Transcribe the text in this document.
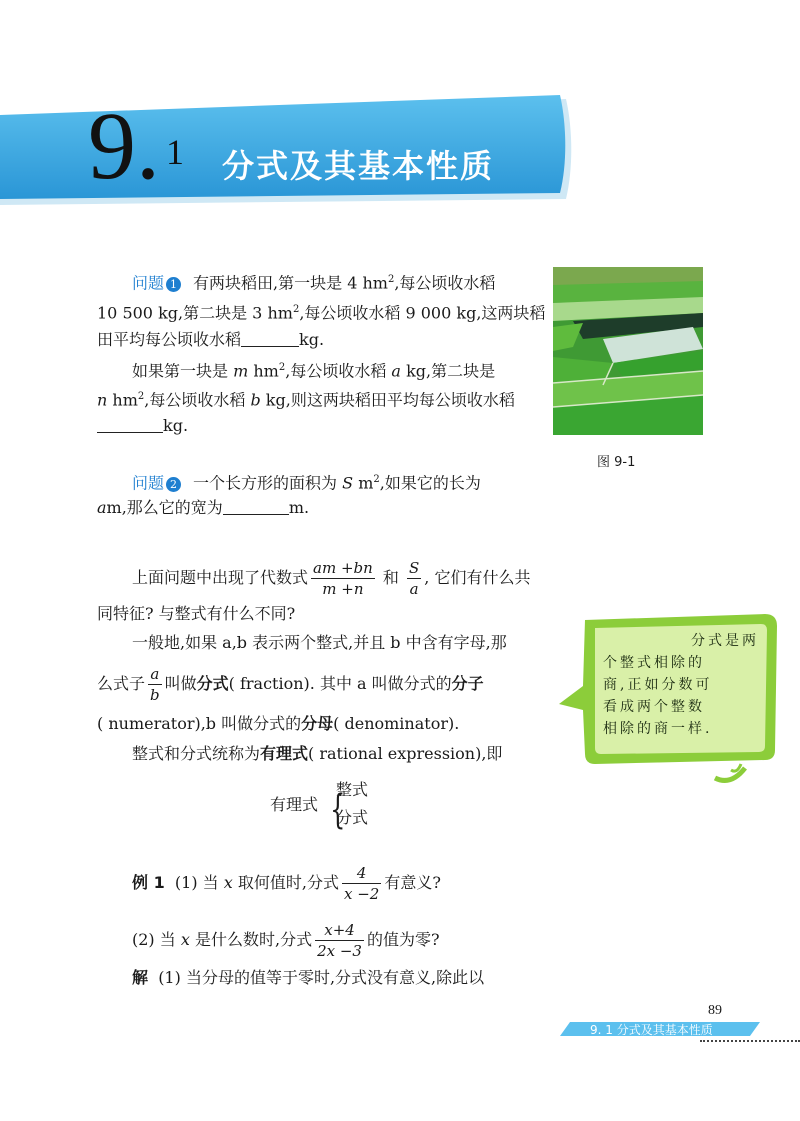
9. 1 分式及其基本性质
问题 1 有两块稻田,第一块是 4 $hm^2$,每公顷收水稻
10 500 kg,第二块是 3 $hm^2$,每公顷收水稻 9 000 kg,这两块稻
田平均每公顷收水稻	kg.
如果第一块是 m $hm^2$,每公顷收水稻 a kg,第二块是
n $hm^2$,每公顷收水稻 b kg,则这两块稻田平均每公顷收水稻
kg.
图 9-1
问题 2 一个长方形的面积为 S $m^2$,如果它的长为
am,那么它的宽为	m.
上面问题中出现了代数式 $\frac{am +bn}{m +n}$ 和 $\frac{S}{a}$ , 它们有什么共
同特征? 与整式有什么不同?
一般地,如果 a,b 表示两个整式,并且 b 中含有字母,那
么式子 $\frac{a}{b}$ 叫做分式( fraction). 其中 a 叫做分式的分子
( numerator),b 叫做分式的分母( denominator).
整式和分式统称为有理式( rational expression),即
有理式 {
整式
分式
例 1 (1) 当 x 取何值时,分式 $\frac{4}{x -2}$ 有意义?
(2) 当 x 是什么数时,分式 $\frac{x+4}{2x -3}$ 的值为零?
解 (1) 当分母的值等于零时,分式没有意义,除此以
分式是两
个整式相除的
商,正如分数可
看成两个整数
相除的商一样.
89
9. 1 分式及其基本性质
